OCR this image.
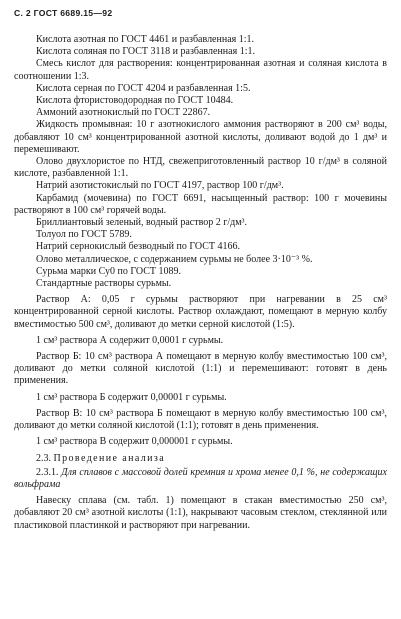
С. 2 ГОСТ 6689.15—92

Кислота азотная по ГОСТ 4461 и разбавленная 1:1.

Кислота соляная по ГОСТ 3118 и разбавленная 1:1.

Смесь кислот для растворения: концентрированная азотная и соляная кислота в соотношении 1:3.

Кислота серная по ГОСТ 4204 и разбавленная 1:5.

Кислота фтористоводородная по ГОСТ 10484.

Аммоний азотнокислый по ГОСТ 22867.

Жидкость промывная: 10 г азотнокислого аммония растворяют в 200 см³ воды, добавляют 10 см³ концентрированной азотной кислоты, доливают водой до 1 дм³ и перемешивают.

Олово двухлористое по НТД, свежеприготовленный раствор 10 г/дм³ в соляной кислоте, разбавленной 1:1.

Натрий азотистокислый по ГОСТ 4197, раствор 100 г/дм³.

Карбамид (мочевина) по ГОСТ 6691, насыщенный раствор: 100 г мочевины растворяют в 100 см³ горячей воды.

Бриллиантовый зеленый, водный раствор 2 г/дм³.

Толуол по ГОСТ 5789.

Натрий сернокислый безводный по ГОСТ 4166.

Олово металлическое, с содержанием сурьмы не более 3·10⁻³ %.

Сурьма марки Су0 по ГОСТ 1089.

Стандартные растворы сурьмы.

Раствор А: 0,05 г сурьмы растворяют при нагревании в 25 см³ концентрированной серной кислоты. Раствор охлаждают, помещают в мерную колбу вместимостью 500 см³, доливают до метки серной кислотой (1:5).

1 см³ раствора А содержит 0,0001 г сурьмы.

Раствор Б: 10 см³ раствора А помещают в мерную колбу вместимостью 100 см³, доливают до метки соляной кислотой (1:1) и перемешивают: готовят в день применения.

1 см³ раствора Б содержит 0,00001 г сурьмы.

Раствор В: 10 см³ раствора Б помещают в мерную колбу вместимостью 100 см³, доливают до метки соляной кислотой (1:1); готовят в день применения.

1 см³ раствора В содержит 0,000001 г сурьмы.

2.3. Проведение анализа

2.3.1. Для сплавов с массовой долей кремния и хрома менее 0,1 %, не содержащих вольфрама

Навеску сплава (см. табл. 1) помещают в стакан вместимостью 250 см³, добавляют 20 см³ азотной кислоты (1:1), накрывают часовым стеклом, стеклянной или пластиковой пластинкой и растворяют при нагревании.
